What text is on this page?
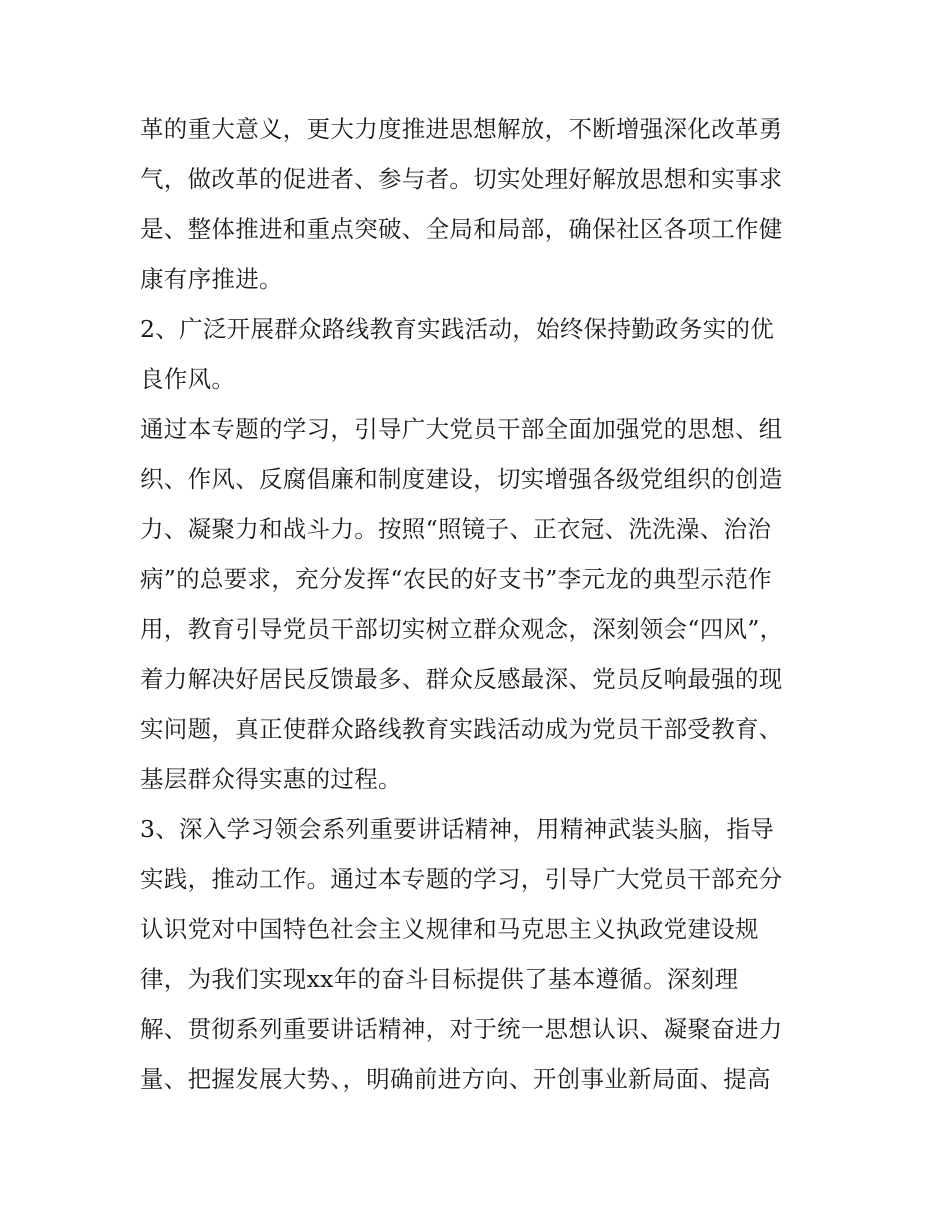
革的重大意义，更大力度推进思想解放，不断增强深化改革勇
气，做改革的促进者、参与者。切实处理好解放思想和实事求
是、整体推进和重点突破、全局和局部，确保社区各项工作健
康有序推进。
2、广泛开展群众路线教育实践活动，始终保持勤政务实的优
良作风。
通过本专题的学习，引导广大党员干部全面加强党的思想、组
织、作风、反腐倡廉和制度建设，切实增强各级党组织的创造
力、凝聚力和战斗力。按照“照镜子、正衣冠、洗洗澡、治治
病”的总要求，充分发挥“农民的好支书”李元龙的典型示范作
用，教育引导党员干部切实树立群众观念，深刻领会“四风”，
着力解决好居民反馈最多、群众反感最深、党员反响最强的现
实问题，真正使群众路线教育实践活动成为党员干部受教育、
基层群众得实惠的过程。
3、深入学习领会系列重要讲话精神，用精神武装头脑，指导
实践，推动工作。通过本专题的学习，引导广大党员干部充分
认识党对中国特色社会主义规律和马克思主义执政党建设规
律，为我们实现xx年的奋斗目标提供了基本遵循。深刻理
解、贯彻系列重要讲话精神，对于统一思想认识、凝聚奋进力
量、把握发展大势、，明确前进方向、开创事业新局面、提高
